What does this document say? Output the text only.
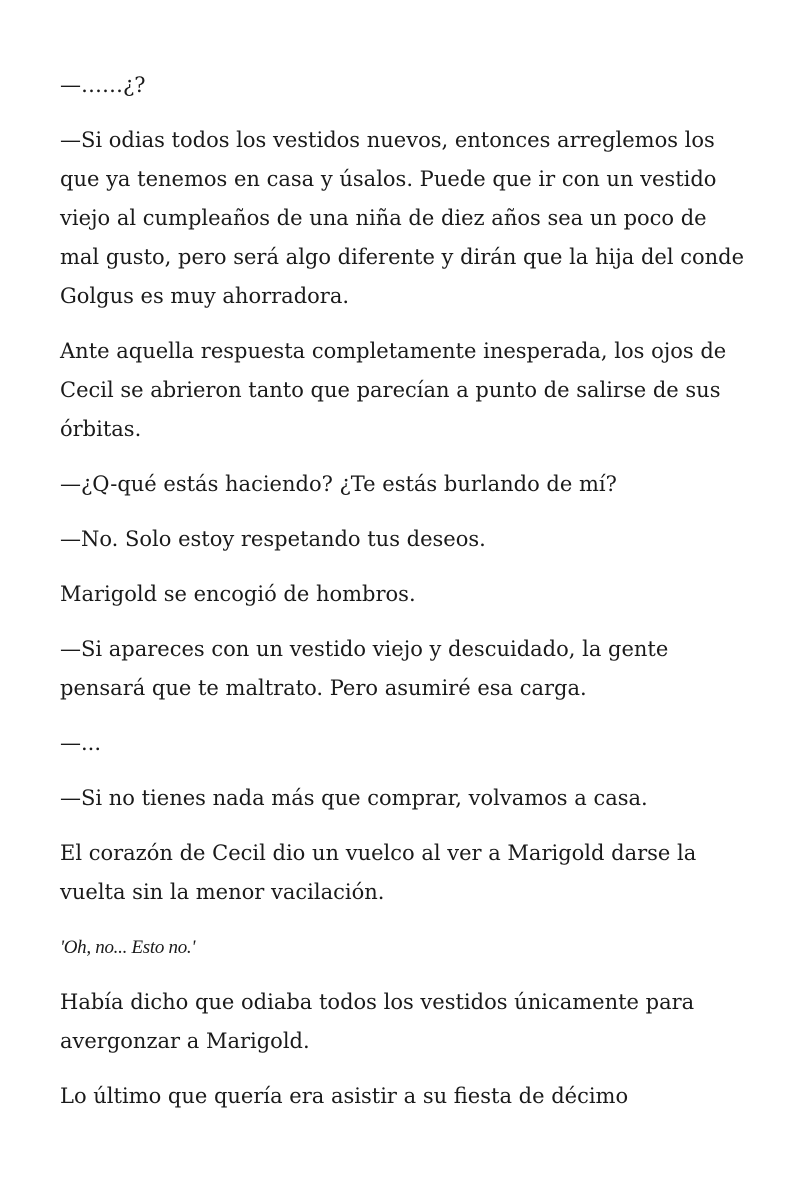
—……¿?

—Si odias todos los vestidos nuevos, entonces arreglemos los que ya tenemos en casa y úsalos. Puede que ir con un vestido viejo al cumpleaños de una niña de diez años sea un poco de mal gusto, pero será algo diferente y dirán que la hija del conde Golgus es muy ahorradora.

Ante aquella respuesta completamente inesperada, los ojos de Cecil se abrieron tanto que parecían a punto de salirse de sus órbitas.

—¿Q-qué estás haciendo? ¿Te estás burlando de mí?

—No. Solo estoy respetando tus deseos.

Marigold se encogió de hombros.

—Si apareces con un vestido viejo y descuidado, la gente pensará que te maltrato. Pero asumiré esa carga.

—...

—Si no tienes nada más que comprar, volvamos a casa.

El corazón de Cecil dio un vuelco al ver a Marigold darse la vuelta sin la menor vacilación.

'Oh, no... Esto no.'

Había dicho que odiaba todos los vestidos únicamente para avergonzar a Marigold.

Lo último que quería era asistir a su fiesta de décimo
